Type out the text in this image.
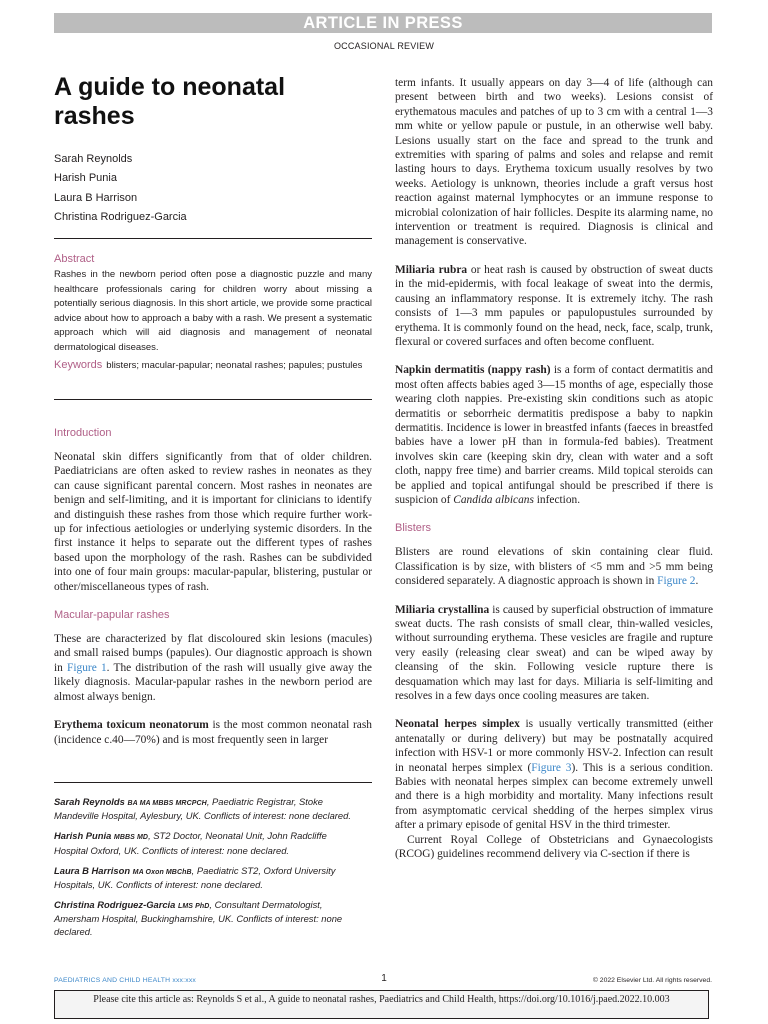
ARTICLE IN PRESS
OCCASIONAL REVIEW
A guide to neonatal rashes
Sarah Reynolds
Harish Punia
Laura B Harrison
Christina Rodriguez-Garcia
Abstract

Rashes in the newborn period often pose a diagnostic puzzle and many healthcare professionals caring for children worry about missing a potentially serious diagnosis. In this short article, we provide some practical advice about how to approach a baby with a rash. We present a systematic approach which will aid diagnosis and management of neonatal dermatological diseases.

Keywords blisters; macular-papular; neonatal rashes; papules; pustules

Introduction

Neonatal skin differs significantly from that of older children. Paediatricians are often asked to review rashes in neonates as they can cause significant parental concern. Most rashes in neonates are benign and self-limiting, and it is important for clinicians to identify and distinguish these rashes from those which require further work-up for infectious aetiologies or underlying systemic disorders. In the first instance it helps to separate out the different types of rashes based upon the morphology of the rash. Rashes can be subdivided into one of four main groups: macular-papular, blistering, pustular or other/miscellaneous types of rash.

Macular-papular rashes

These are characterized by flat discoloured skin lesions (macules) and small raised bumps (papules). Our diagnostic approach is shown in Figure 1. The distribution of the rash will usually give away the likely diagnosis. Macular-papular rashes in the newborn period are almost always benign.

Erythema toxicum neonatorum is the most common neonatal rash (incidence c.40—70%) and is most frequently seen in larger

Sarah Reynolds BA MA MBBS MRCPCH, Paediatric Registrar, Stoke Mandeville Hospital, Aylesbury, UK. Conflicts of interest: none declared.

Harish Punia MBBS MD, ST2 Doctor, Neonatal Unit, John Radcliffe Hospital Oxford, UK. Conflicts of interest: none declared.

Laura B Harrison MA Oxon MBChB, Paediatric ST2, Oxford University Hospitals, UK. Conflicts of interest: none declared.

Christina Rodriguez-Garcia LMS PhD, Consultant Dermatologist, Amersham Hospital, Buckinghamshire, UK. Conflicts of interest: none declared.

term infants. It usually appears on day 3—4 of life (although can present between birth and two weeks). Lesions consist of erythematous macules and patches of up to 3 cm with a central 1—3 mm white or yellow papule or pustule, in an otherwise well baby. Lesions usually start on the face and spread to the trunk and extremities with sparing of palms and soles and relapse and remit lasting hours to days. Erythema toxicum usually resolves by two weeks. Aetiology is unknown, theories include a graft versus host reaction against maternal lymphocytes or an immune response to microbial colonization of hair follicles. Despite its alarming name, no intervention or treatment is required. Diagnosis is clinical and management is conservative.

Miliaria rubra or heat rash is caused by obstruction of sweat ducts in the mid-epidermis, with focal leakage of sweat into the dermis, causing an inflammatory response. It is extremely itchy. The rash consists of 1—3 mm papules or papulopustules surrounded by erythema. It is commonly found on the head, neck, face, scalp, trunk, flexural or covered surfaces and often become confluent.

Napkin dermatitis (nappy rash) is a form of contact dermatitis and most often affects babies aged 3—15 months of age, especially those wearing cloth nappies. Pre-existing skin conditions such as atopic dermatitis or seborrheic dermatitis predispose a baby to napkin dermatitis. Incidence is lower in breastfed infants (faeces in breastfed babies have a lower pH than in formula-fed babies). Treatment involves skin care (keeping skin dry, clean with water and a soft cloth, nappy free time) and barrier creams. Mild topical steroids can be applied and topical antifungal should be prescribed if there is suspicion of Candida albicans infection.

Blisters

Blisters are round elevations of skin containing clear fluid. Classification is by size, with blisters of <5 mm and >5 mm being considered separately. A diagnostic approach is shown in Figure 2.

Miliaria crystallina is caused by superficial obstruction of immature sweat ducts. The rash consists of small clear, thin-walled vesicles, without surrounding erythema. These vesicles are fragile and rupture very easily (releasing clear sweat) and can be wiped away by cleansing of the skin. Following vesicle rupture there is desquamation which may last for days. Miliaria is self-limiting and resolves in a few days once cooling measures are taken.

Neonatal herpes simplex is usually vertically transmitted (either antenatally or during delivery) but may be postnatally acquired infection with HSV-1 or more commonly HSV-2. Infection can result in neonatal herpes simplex (Figure 3). This is a serious condition. Babies with neonatal herpes simplex can become extremely unwell and there is a high morbidity and mortality. Many infections result from asymptomatic cervical shedding of the herpes simplex virus after a primary episode of genital HSV in the third trimester.

Current Royal College of Obstetricians and Gynaecologists (RCOG) guidelines recommend delivery via C-section if there is

PAEDIATRICS AND CHILD HEALTH xxx:xxx	1	© 2022 Elsevier Ltd. All rights reserved.
Please cite this article as: Reynolds S et al., A guide to neonatal rashes, Paediatrics and Child Health, https://doi.org/10.1016/j.paed.2022.10.003
